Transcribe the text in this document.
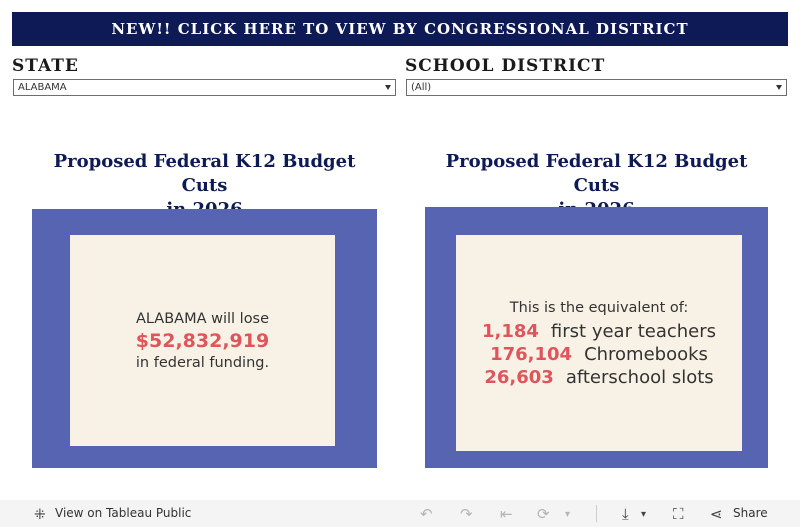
NEW!! CLICK HERE TO VIEW BY CONGRESSIONAL DISTRICT
STATE
ALABAMA
SCHOOL DISTRICT
(All)
Proposed Federal K12 Budget Cuts
ALABAMA will lose
$52,832,919
in federal funding.
Proposed Federal K12 Budget Cuts
This is the equivalent of:
1,184 first year teachers
176,104 Chromebooks
26,603 afterschool slots
⁜ View on Tableau Public	↶ ↷ ⇤ ⟳ ▾	⤓ ▾ ⛶ ⋖ Share
